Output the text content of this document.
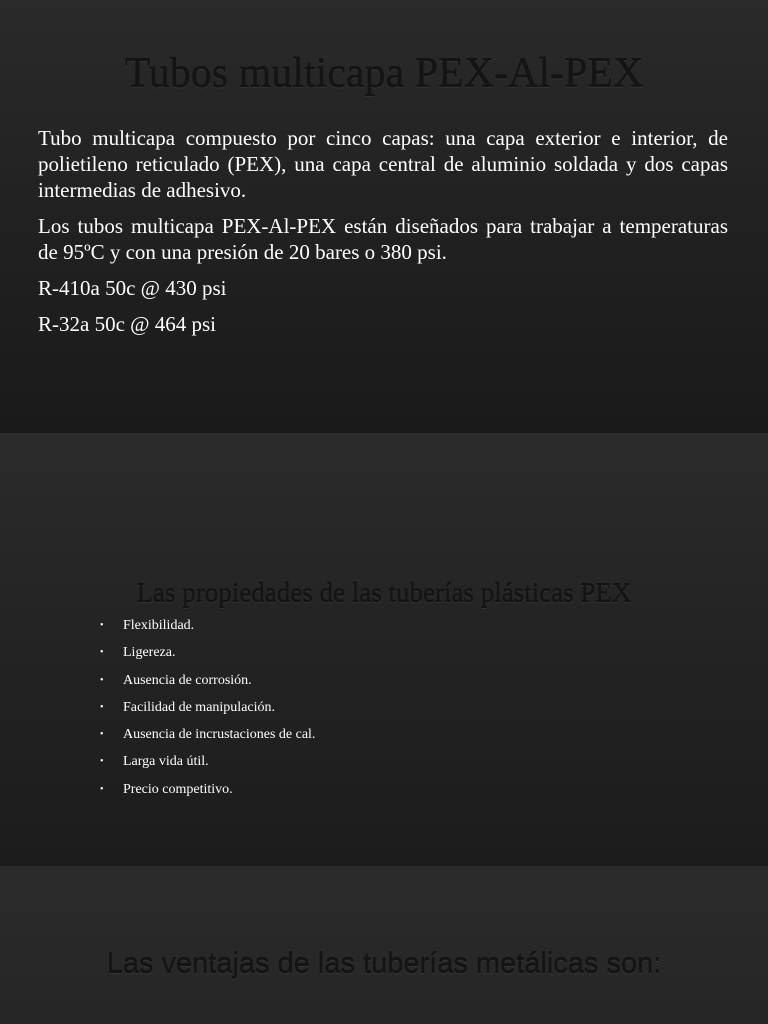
Tubos multicapa PEX-Al-PEX

Tubo multicapa compuesto por cinco capas: una capa exterior e interior, de polietileno reticulado (PEX), una capa central de aluminio soldada y dos capas intermedias de adhesivo.

Los tubos multicapa PEX-Al-PEX están diseñados para trabajar a temperaturas de 95ºC y con una presión de 20 bares o 380 psi.

R-410a 50c @ 430 psi

R-32a 50c @ 464 psi

Las propiedades de las tuberías plásticas PEX
• Flexibilidad.
• Ligereza.
• Ausencia de corrosión.
• Facilidad de manipulación.
• Ausencia de incrustaciones de cal.
• Larga vida útil.
• Precio competitivo.
Las ventajas de las tuberías metálicas son:
